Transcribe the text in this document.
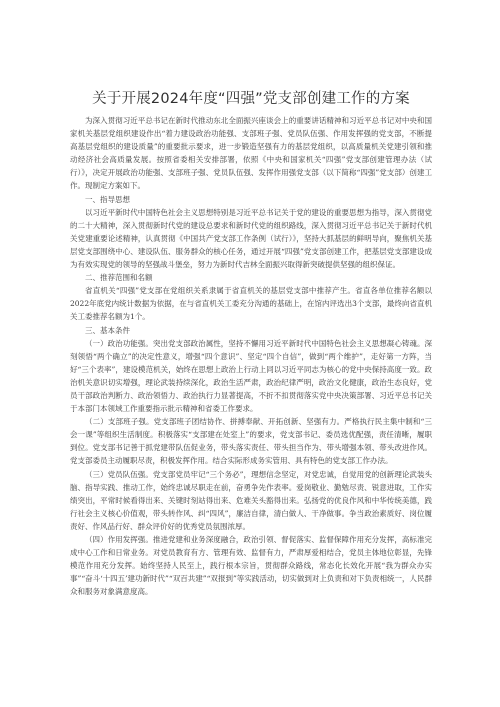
关于开展2024年度“四强”党支部创建工作的方案

为深入贯彻习近平总书记在新时代推动东北全面振兴座谈会上的重要讲话精神和习近平总书记对中央和国家机关基层党组织建设作出“着力建设政治功能强、支部班子强、党员队伍强、作用发挥强的党支部，不断提高基层党组织的建设质量”的重要批示要求，进一步锻造坚强有力的基层党组织，以高质量机关党建引领和推动经济社会高质量发展。按照省委相关安排部署，依照《中央和国家机关“四强”党支部创建管理办法（试行）》，决定开展政治功能强、支部班子强、党员队伍强、发挥作用强党支部（以下简称“四强”党支部）创建工作。现制定方案如下。

一、指导思想

以习近平新时代中国特色社会主义思想特别是习近平总书记关于党的建设的重要思想为指导，深入贯彻党的二十大精神，深入贯彻新时代党的建设总要求和新时代党的组织路线，深入贯彻习近平总书记关于新时代机关党建重要论述精神，认真贯彻《中国共产党支部工作条例（试行）》，坚持大抓基层的鲜明导向，聚焦机关基层党支部围绕中心、建设队伍、服务群众的核心任务，通过开展“四强”党支部创建工作，把基层党支部建设成为有效实现党的领导的坚强战斗堡垒，努力为新时代吉林全面振兴取得新突破提供坚强的组织保证。

二、推荐范围和名额

省直机关“四强”党支部在党组织关系隶属于省直机关的基层党支部中推荐产生。省直各单位推荐名额以2022年底党内统计数据为依据，在与省直机关工委充分沟通的基础上，在馆内评选出3个支部，最终向省直机关工委推荐名额为1个。

三、基本条件

（一）政治功能强。突出党支部政治属性，坚持不懈用习近平新时代中国特色社会主义思想凝心铸魂。深刻领悟“两个确立”的决定性意义，增强“四个意识”、坚定“四个自信”，做到“两个维护”，走好第一方阵，当好“三个表率”，建设模范机关，始终在思想上政治上行动上同以习近平同志为核心的党中央保持高度一致。政治机关意识切实增强，理论武装持续深化，政治生活严肃，政治纪律严明，政治文化健康，政治生态良好，党员干部政治判断力、政治领悟力、政治执行力显著提高，不折不扣贯彻落实党中央决策部署、习近平总书记关于本部门本领域工作重要指示批示精神和省委工作要求。

（二）支部班子强。党支部班子团结协作、拼搏奉献、开拓创新、坚强有力。严格执行民主集中制和“三会一课”等组织生活制度。积极落实“支部建在处室上”的要求，党支部书记、委员选优配强，责任清晰，履职到位。党支部书记善于抓党建带队伍促业务，带头落实责任、带头担当作为、带头增强本领、带头改进作风。党支部委员主动履职尽责，积极发挥作用。结合实际形成务实管用、具有特色的党支部工作办法。

（三）党员队伍强。党支部党员牢记“三个务必”，理想信念坚定，对党忠诚，自觉用党的创新理论武装头脑、指导实践、推动工作，始终忠诚尽职走在前，奋勇争先作表率。爱岗敬业、勤勉尽责、锐意进取，工作实绩突出，平常时候看得出来、关键时刻站得出来、危难关头豁得出来。弘扬党的优良作风和中华传统美德，践行社会主义核心价值观，带头转作风、纠“四风”，廉洁自律，清白做人、干净做事。争当政治素质好、岗位履责好、作风品行好、群众评价好的优秀党员氛围浓厚。

（四）作用发挥强。推进党建和业务深度融合，政治引领、督促落实、监督保障作用充分发挥，高标准完成中心工作和日常业务。对党员教育有方、管理有效、监督有力，严肃厚爱相结合，党员主体地位彰显，先锋模范作用充分发挥。始终坚持人民至上，践行根本宗旨，贯彻群众路线，常态化长效化开展“我为群众办实事”“奋斗‘十四五’建功新时代”“双百共建”“双报到”等实践活动，切实做到对上负责和对下负责相统一，人民群众和服务对象满意度高。
